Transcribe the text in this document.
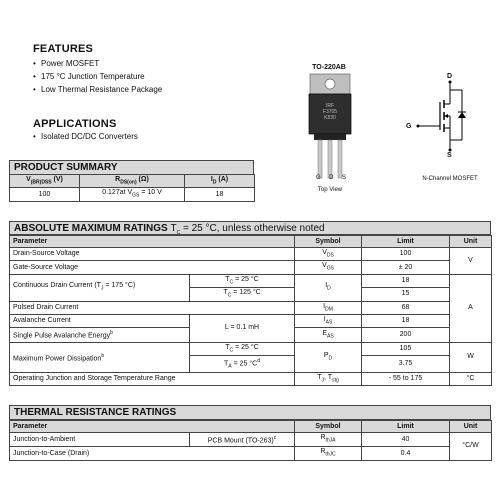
FEATURES
• Power MOSFET
• 175 °C Junction Temperature
• Low Thermal Resistance Package
APPLICATIONS
• Isolated DC/DC Converters
TO-220AB
IRF
F3705
K830
G D S
Top View
D
G
S
N-Channel MOSFET
PRODUCT SUMMARY
$V_{(BR)DSS}$ (V)	$R_{DS(on)}$ (Ω)	$I_D$ (A)
100	0.127at $V_{GS} = 10$ V	18
ABSOLUTE MAXIMUM RATINGS $T_C = 25$ °C, unless otherwise noted
Parameter		Symbol	Limit	Unit	
Drain-Source Voltage		$V_{DS}$	100	V	
Gate-Source Voltage		$V_{GS}$	± 20		
Continuous Drain Current ($T_J = 175$ °C)	$T_C = 25$ °C	$I_D$	18	A	
	$T_C = 125$ °C		15		
Pulsed Drain Current		$I_{DM}$	68		
Avalanche Current	L = 0.1 mH	$I_{AS}$	18		
Single Pulse Avalanche Energy$^b$		$E_{AS}$	200	
Maximum Power Dissipation$^b$	$T_C = 25$ °C	$P_D$	105	W	
	$T_A = 25$ $^\circ C^d$		3.75		
Operating Junction and Storage Temperature Range		$T_J$, $T_{stg}$	- 55 to 175	°C	
THERMAL RESISTANCE RATINGS
Parameter		Symbol	Limit	Unit
Junction-to-Ambient	PCB Mount $(TO-263)^c$	$R_{thJA}$	40	°C/W
Junction-to-Case (Drain)		$R_{thJC}$	0.4	
